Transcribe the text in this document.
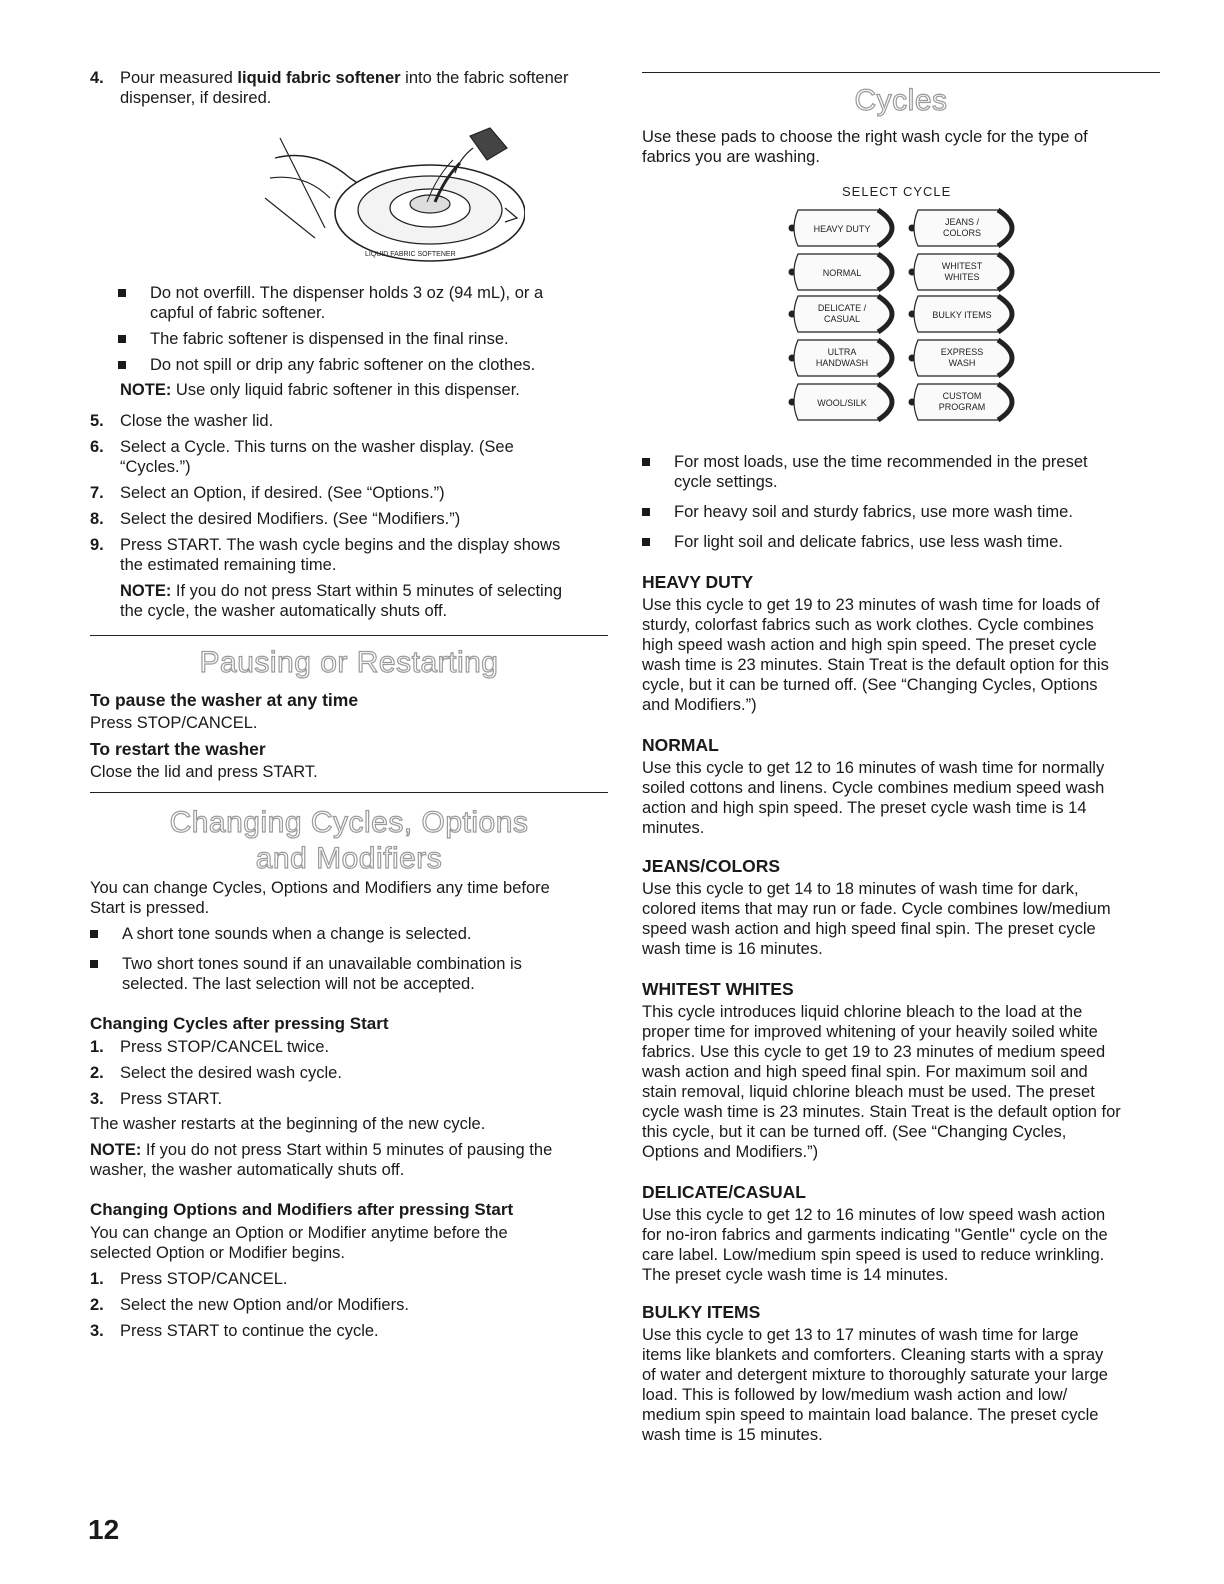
4. Pour measured liquid fabric softener into the fabric softener
dispenser, if desired.
LIQUID FABRIC SOFTENER
Do not overfill. The dispenser holds 3 oz (94 mL), or a
capful of fabric softener.
The fabric softener is dispensed in the final rinse.
Do not spill or drip any fabric softener on the clothes.
NOTE: Use only liquid fabric softener in this dispenser.
5. Close the washer lid.
6. Select a Cycle. This turns on the washer display. (See
“Cycles.”)
7. Select an Option, if desired. (See “Options.”)
8. Select the desired Modifiers. (See “Modifiers.”)
9. Press START. The wash cycle begins and the display shows
the estimated remaining time.
NOTE: If you do not press Start within 5 minutes of selecting
the cycle, the washer automatically shuts off.
Pausing or Restarting
To pause the washer at any time
Press STOP/CANCEL.
To restart the washer
Close the lid and press START.
Changing Cycles, Options
and Modifiers
You can change Cycles, Options and Modifiers any time before
Start is pressed.
A short tone sounds when a change is selected.
Two short tones sound if an unavailable combination is
selected. The last selection will not be accepted.
Changing Cycles after pressing Start
1. Press STOP/CANCEL twice.
2. Select the desired wash cycle.
3. Press START.
The washer restarts at the beginning of the new cycle.
NOTE: If you do not press Start within 5 minutes of pausing the
washer, the washer automatically shuts off.
Changing Options and Modifiers after pressing Start
You can change an Option or Modifier anytime before the
selected Option or Modifier begins.
1. Press STOP/CANCEL.
2. Select the new Option and/or Modifiers.
3. Press START to continue the cycle.
Cycles
Use these pads to choose the right wash cycle for the type of
fabrics you are washing.
SELECT CYCLE
HEAVY DUTY
JEANS /
COLORS
NORMAL
WHITEST
WHITES
DELICATE /
CASUAL	BULKY ITEMS
ULTRA
HANDWASH
EXPRESS
WASH
WOOL/SILK
CUSTOM
PROGRAM
For most loads, use the time recommended in the preset
cycle settings.
For heavy soil and sturdy fabrics, use more wash time.
For light soil and delicate fabrics, use less wash time.
HEAVY DUTY
Use this cycle to get 19 to 23 minutes of wash time for loads of
sturdy, colorfast fabrics such as work clothes. Cycle combines
high speed wash action and high spin speed. The preset cycle
wash time is 23 minutes. Stain Treat is the default option for this
cycle, but it can be turned off. (See “Changing Cycles, Options
and Modifiers.”)
NORMAL
Use this cycle to get 12 to 16 minutes of wash time for normally
soiled cottons and linens. Cycle combines medium speed wash
action and high spin speed. The preset cycle wash time is 14
minutes.
JEANS/COLORS
Use this cycle to get 14 to 18 minutes of wash time for dark,
colored items that may run or fade. Cycle combines low/medium
speed wash action and high speed final spin. The preset cycle
wash time is 16 minutes.
WHITEST WHITES
This cycle introduces liquid chlorine bleach to the load at the
proper time for improved whitening of your heavily soiled white
fabrics. Use this cycle to get 19 to 23 minutes of medium speed
wash action and high speed final spin. For maximum soil and
stain removal, liquid chlorine bleach must be used. The preset
cycle wash time is 23 minutes. Stain Treat is the default option for
this cycle, but it can be turned off. (See “Changing Cycles,
Options and Modifiers.”)
DELICATE/CASUAL
Use this cycle to get 12 to 16 minutes of low speed wash action
for no-iron fabrics and garments indicating "Gentle" cycle on the
care label. Low/medium spin speed is used to reduce wrinkling.
The preset cycle wash time is 14 minutes.
BULKY ITEMS
Use this cycle to get 13 to 17 minutes of wash time for large
items like blankets and comforters. Cleaning starts with a spray
of water and detergent mixture to thoroughly saturate your large
load. This is followed by low/medium wash action and low/
medium spin speed to maintain load balance. The preset cycle
wash time is 15 minutes.
12
